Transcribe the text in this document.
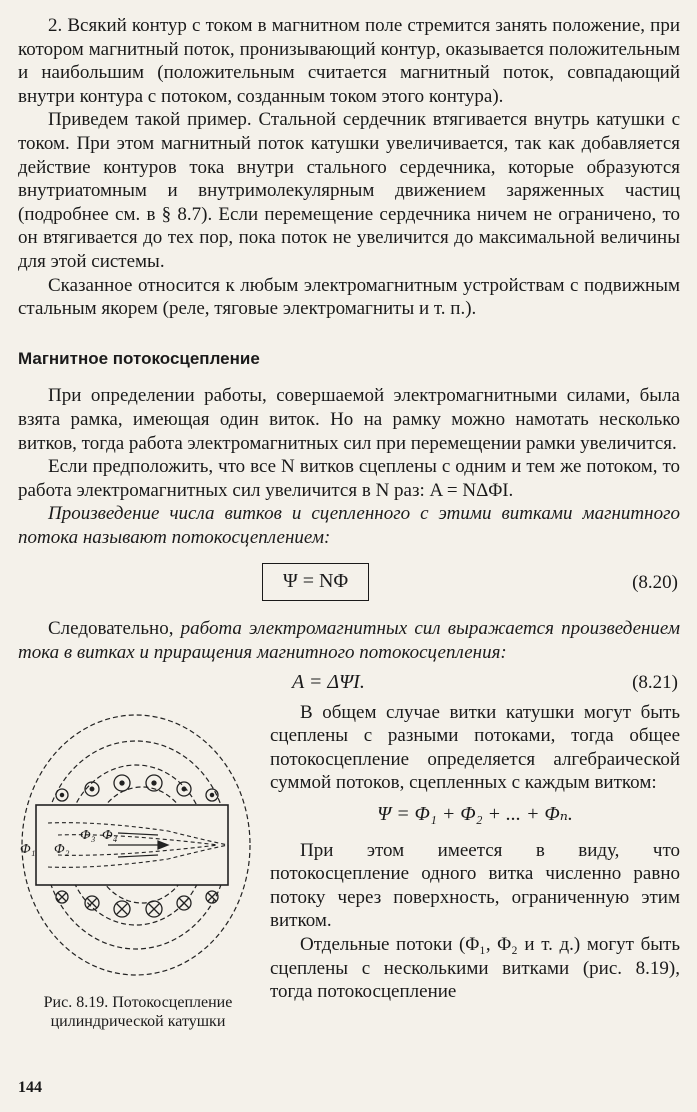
2. Всякий контур с током в магнитном поле стремится занять положение, при котором магнитный поток, пронизывающий контур, оказывается положительным и наибольшим (положительным считается магнитный поток, совпадающий внутри контура с потоком, созданным током этого контура).

Приведем такой пример. Стальной сердечник втягивается внутрь катушки с током. При этом магнитный поток катушки увеличивается, так как добавляется действие контуров тока внутри стального сердечника, которые образуются внутриатомным и внутримолекулярным движением заряженных частиц (подробнее см. в § 8.7). Если перемещение сердечника ничем не ограничено, то он втягивается до тех пор, пока поток не увеличится до максимальной величины для этой системы.

Сказанное относится к любым электромагнитным устройствам с подвижным стальным якорем (реле, тяговые электромагниты и т. п.).

Магнитное потокосцепление

При определении работы, совершаемой электромагнитными силами, была взята рамка, имеющая один виток. Но на рамку можно намотать несколько витков, тогда работа электромагнитных сил при перемещении рамки увеличится.

Если предположить, что все N витков сцеплены с одним и тем же потоком, то работа электромагнитных сил увеличится в N раз: A = NΔΦI.

Произведение числа витков и сцепленного с этими витками магнитного потока называют потокосцеплением:

Ψ = NΦ	(8.20)

Следовательно, работа электромагнитных сил выражается произведением тока в витках и приращения магнитного потокосцепления:

A = ΔΨI.	(8.21)
Φ₁ Φ₂
Φ₃ Φ₄
Рис. 8.19. Потокосцепление цилиндрической катушки

В общем случае витки катушки могут быть сцеплены с разными потоками, тогда общее потокосцепление определяется алгебраической суммой потоков, сцепленных с каждым витком:

Ψ = Φ₁ + Φ₂ + ... + Φₙ.

При этом имеется в виду, что потокосцепление одного витка численно равно потоку через поверхность, ограниченную этим витком.

Отдельные потоки (Φ₁, Φ₂ и т. д.) могут быть сцеплены с несколькими витками (рис. 8.19), тогда потокосцепление

144
